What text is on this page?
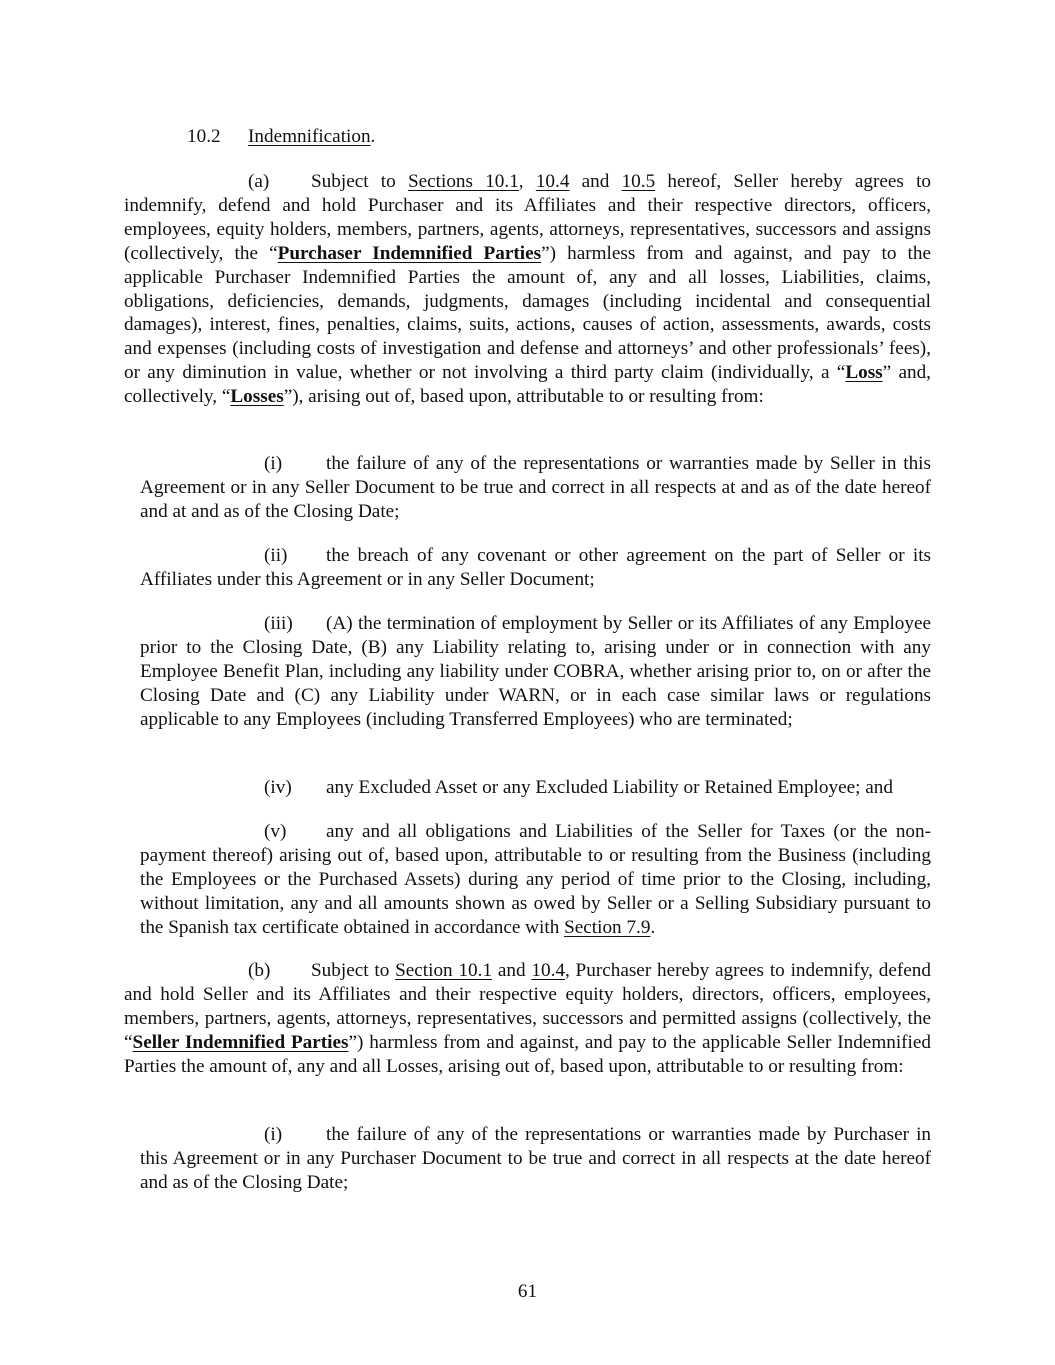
10.2 Indemnification.

(a) Subject to Sections 10.1, 10.4 and 10.5 hereof, Seller hereby agrees to indemnify, defend and hold Purchaser and its Affiliates and their respective directors, officers, employees, equity holders, members, partners, agents, attorneys, representatives, successors and assigns (collectively, the “Purchaser Indemnified Parties”) harmless from and against, and pay to the applicable Purchaser Indemnified Parties the amount of, any and all losses, Liabilities, claims, obligations, deficiencies, demands, judgments, damages (including incidental and consequential damages), interest, fines, penalties, claims, suits, actions, causes of action, assessments, awards, costs and expenses (including costs of investigation and defense and attorneys’ and other professionals’ fees), or any diminution in value, whether or not involving a third party claim (individually, a “Loss” and, collectively, “Losses”), arising out of, based upon, attributable to or resulting from:

(i) the failure of any of the representations or warranties made by Seller in this Agreement or in any Seller Document to be true and correct in all respects at and as of the date hereof and at and as of the Closing Date;

(ii) the breach of any covenant or other agreement on the part of Seller or its Affiliates under this Agreement or in any Seller Document;

(iii) (A) the termination of employment by Seller or its Affiliates of any Employee prior to the Closing Date, (B) any Liability relating to, arising under or in connection with any Employee Benefit Plan, including any liability under COBRA, whether arising prior to, on or after the Closing Date and (C) any Liability under WARN, or in each case similar laws or regulations applicable to any Employees (including Transferred Employees) who are terminated;

(iv) any Excluded Asset or any Excluded Liability or Retained Employee; and

(v) any and all obligations and Liabilities of the Seller for Taxes (or the non-payment thereof) arising out of, based upon, attributable to or resulting from the Business (including the Employees or the Purchased Assets) during any period of time prior to the Closing, including, without limitation, any and all amounts shown as owed by Seller or a Selling Subsidiary pursuant to the Spanish tax certificate obtained in accordance with Section 7.9.

(b) Subject to Section 10.1 and 10.4, Purchaser hereby agrees to indemnify, defend and hold Seller and its Affiliates and their respective equity holders, directors, officers, employees, members, partners, agents, attorneys, representatives, successors and permitted assigns (collectively, the “Seller Indemnified Parties”) harmless from and against, and pay to the applicable Seller Indemnified Parties the amount of, any and all Losses, arising out of, based upon, attributable to or resulting from:

(i) the failure of any of the representations or warranties made by Purchaser in this Agreement or in any Purchaser Document to be true and correct in all respects at the date hereof and as of the Closing Date;

61
